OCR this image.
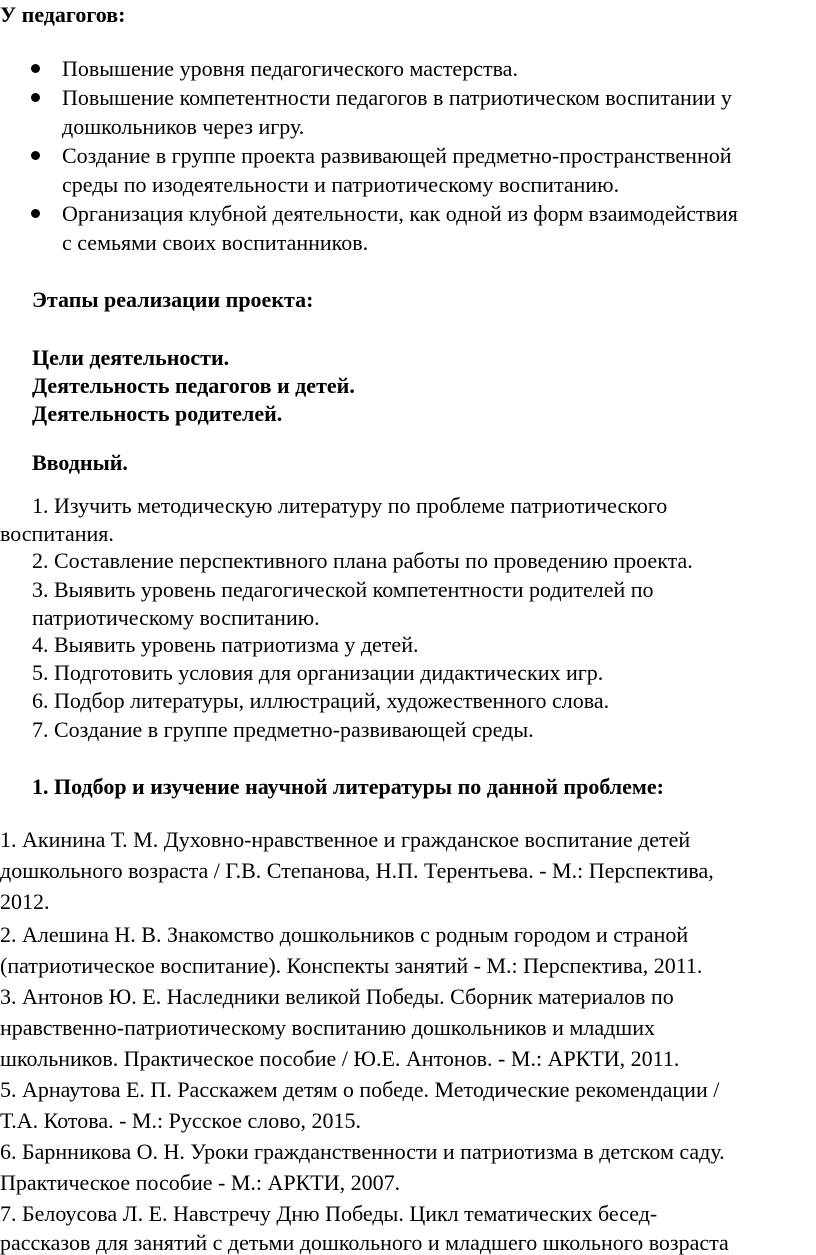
У педагогов:
Повышение уровня педагогического мастерства.
Повышение компетентности педагогов в патриотическом воспитании у
дошкольников через игру.
Создание в группе проекта развивающей предметно-пространственной
среды по изодеятельности и патриотическому воспитанию.
Организация клубной деятельности, как одной из форм взаимодействия
с семьями своих воспитанников.
Этапы реализации проекта:
Цели деятельности.
Деятельность педагогов и детей.
Деятельность родителей.
Вводный.
1. Изучить методическую литературу по проблеме патриотического
воспитания.
2. Составление перспективного плана работы по проведению проекта.
3. Выявить уровень педагогической компетентности родителей по
патриотическому воспитанию.
4. Выявить уровень патриотизма у детей.
5. Подготовить условия для организации дидактических игр.
6. Подбор литературы, иллюстраций, художественного слова.
7. Создание в группе предметно-развивающей среды.
1. Подбор и изучение научной литературы по данной проблеме:
1. Акинина Т. М. Духовно-нравственное и гражданское воспитание детей
дошкольного возраста / Г.В. Степанова, Н.П. Терентьева. - М.: Перспектива,
2012.
2. Алешина Н. В. Знакомство дошкольников с родным городом и страной
(патриотическое воспитание). Конспекты занятий - М.: Перспектива, 2011.
3. Антонов Ю. Е. Наследники великой Победы. Сборник материалов по
нравственно-патриотическому воспитанию дошкольников и младших
школьников. Практическое пособие / Ю.Е. Антонов. - М.: АРКТИ, 2011.
5. Арнаутова Е. П. Расскажем детям о победе. Методические рекомендации /
Т.А. Котова. - М.: Русское слово, 2015.
6. Барнникова О. Н. Уроки гражданственности и патриотизма в детском саду.
Практическое пособие - М.: АРКТИ, 2007.
7. Белоусова Л. Е. Навстречу Дню Победы. Цикл тематических бесед-
рассказов для занятий с детьми дошкольного и младшего школьного возраста
